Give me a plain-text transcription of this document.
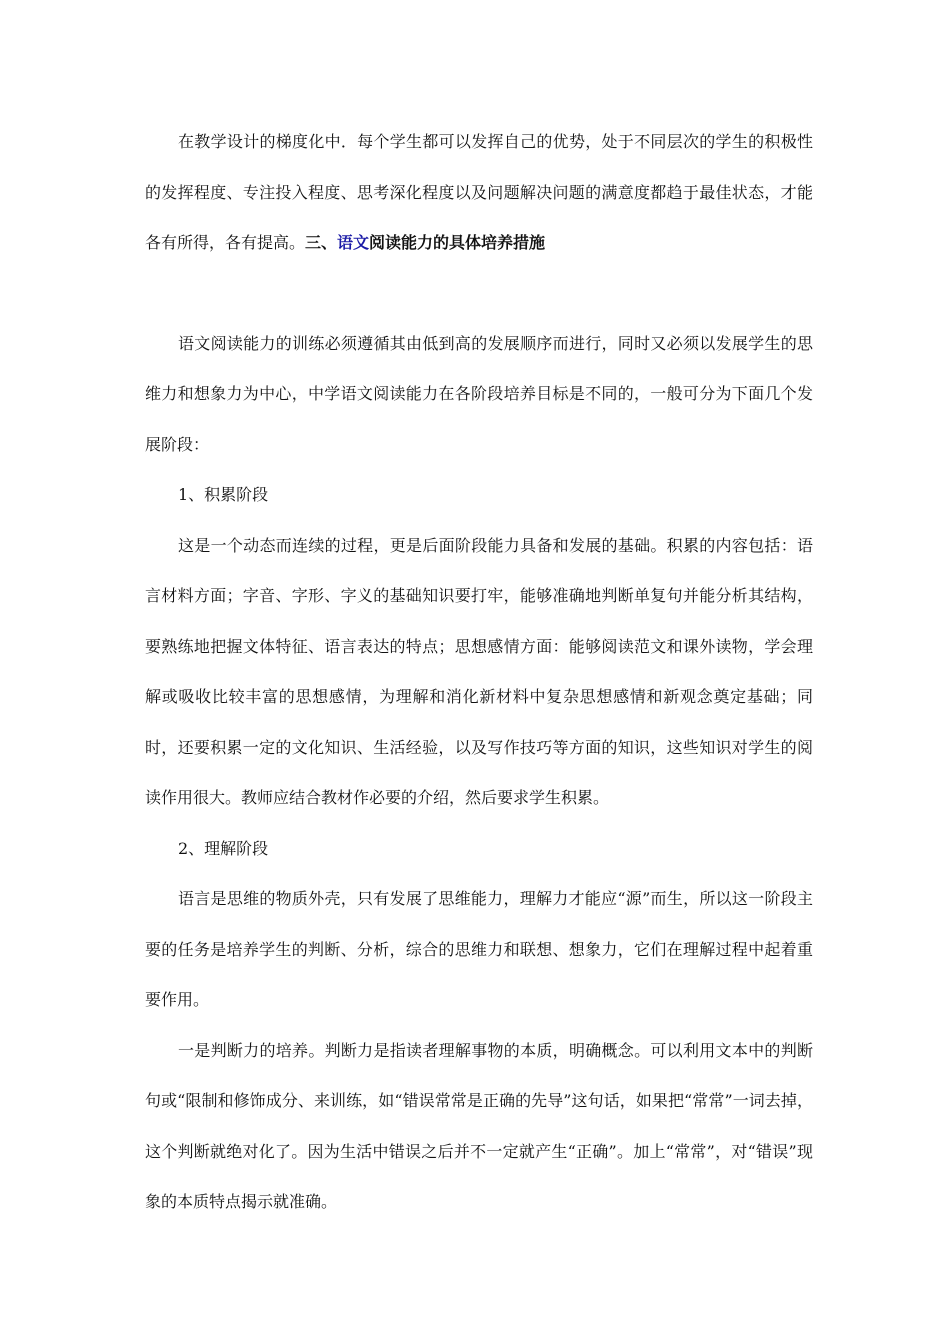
在教学设计的梯度化中．每个学生都可以发挥自己的优势，处于不同层次的学生的积极性的发挥程度、专注投入程度、思考深化程度以及问题解决问题的满意度都趋于最佳状态，才能各有所得，各有提高。三、语文阅读能力的具体培养措施

语文阅读能力的训练必须遵循其由低到高的发展顺序而进行，同时又必须以发展学生的思维力和想象力为中心，中学语文阅读能力在各阶段培养目标是不同的，一般可分为下面几个发展阶段：

1、积累阶段

这是一个动态而连续的过程，更是后面阶段能力具备和发展的基础。积累的内容包括：语言材料方面；字音、字形、字义的基础知识要打牢，能够准确地判断单复句并能分析其结构，要熟练地把握文体特征、语言表达的特点；思想感情方面：能够阅读范文和课外读物，学会理解或吸收比较丰富的思想感情，为理解和消化新材料中复杂思想感情和新观念奠定基础；同时，还要积累一定的文化知识、生活经验，以及写作技巧等方面的知识，这些知识对学生的阅读作用很大。教师应结合教材作必要的介绍，然后要求学生积累。

2、理解阶段

语言是思维的物质外壳，只有发展了思维能力，理解力才能应“源”而生，所以这一阶段主要的任务是培养学生的判断、分析，综合的思维力和联想、想象力，它们在理解过程中起着重要作用。

一是判断力的培养。判断力是指读者理解事物的本质，明确概念。可以利用文本中的判断句或“限制和修饰成分、来训练，如“错误常常是正确的先导”这句话，如果把“常常”一词去掉，这个判断就绝对化了。因为生活中错误之后并不一定就产生“正确”。加上“常常”，对“错误”现象的本质特点揭示就准确。
